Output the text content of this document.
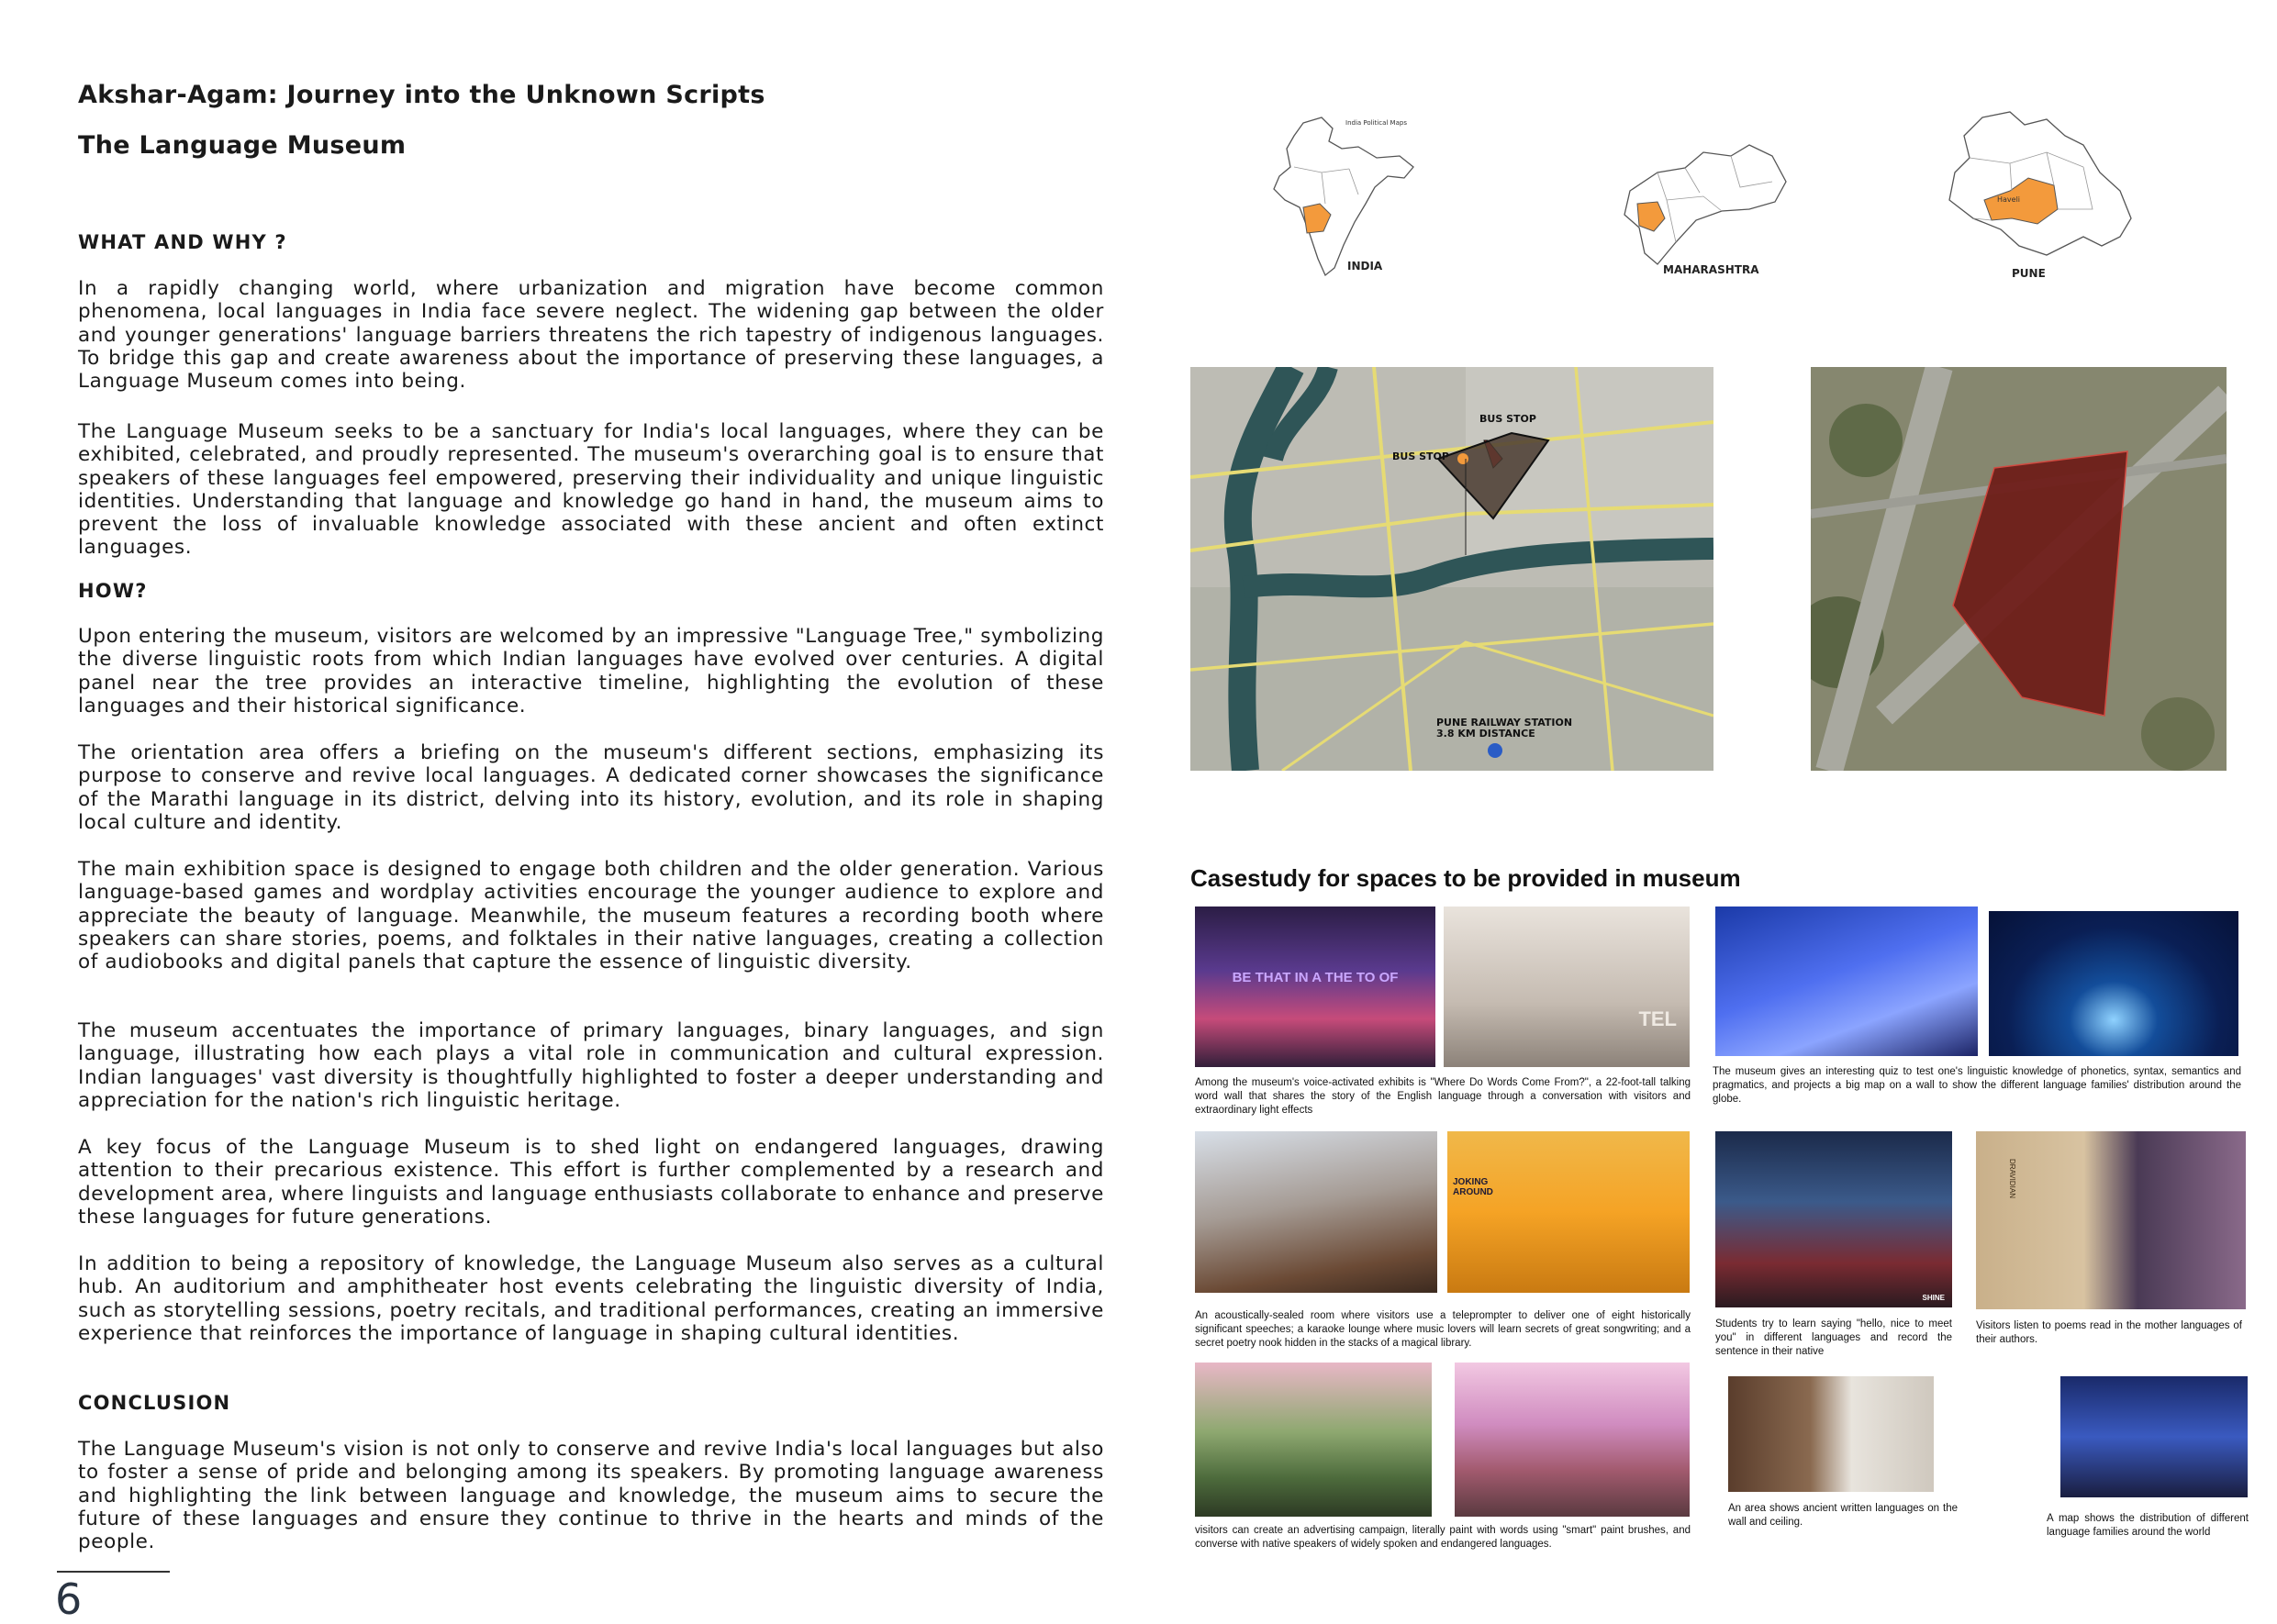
Akshar-Agam: Journey into the Unknown Scripts
The Language Museum
WHAT AND WHY ?

In a rapidly changing world, where urbanization and migration have become common phenomena, local languages in India face severe neglect. The widening gap between the older and younger generations' language barriers threatens the rich tapestry of indigenous languages. To bridge this gap and create awareness about the importance of preserving these languages, a Language Museum comes into being.

The Language Museum seeks to be a sanctuary for India's local languages, where they can be exhibited, celebrated, and proudly represented. The museum's overarching goal is to ensure that speakers of these languages feel empowered, preserving their individuality and unique linguistic identities. Understanding that language and knowledge go hand in hand, the museum aims to prevent the loss of invaluable knowledge associated with these ancient and often extinct languages.

HOW?

Upon entering the museum, visitors are welcomed by an impressive "Language Tree," symbolizing the diverse linguistic roots from which Indian languages have evolved over centuries. A digital panel near the tree provides an interactive timeline, highlighting the evolution of these languages and their historical significance.

The orientation area offers a briefing on the museum's different sections, emphasizing its purpose to conserve and revive local languages. A dedicated corner showcases the significance of the Marathi language in its district, delving into its history, evolution, and its role in shaping local culture and identity.

The main exhibition space is designed to engage both children and the older generation. Various language-based games and wordplay activities encourage the younger audience to explore and appreciate the beauty of language. Meanwhile, the museum features a recording booth where speakers can share stories, poems, and folktales in their native languages, creating a collection of audiobooks and digital panels that capture the essence of linguistic diversity.

The museum accentuates the importance of primary languages, binary languages, and sign language, illustrating how each plays a vital role in communication and cultural expression. Indian languages' vast diversity is thoughtfully highlighted to foster a deeper understanding and appreciation for the nation's rich linguistic heritage.

A key focus of the Language Museum is to shed light on endangered languages, drawing attention to their precarious existence. This effort is further complemented by a research and development area, where linguists and language enthusiasts collaborate to enhance and preserve these languages for future generations.

In addition to being a repository of knowledge, the Language Museum also serves as a cultural hub. An auditorium and amphitheater host events celebrating the linguistic diversity of India, such as storytelling sessions, poetry recitals, and traditional performances, creating an immersive experience that reinforces the importance of language in shaping cultural identities.

CONCLUSION

The Language Museum's vision is not only to conserve and revive India's local languages but also to foster a sense of pride and belonging among its speakers. By promoting language awareness and highlighting the link between language and knowledge, the museum aims to secure the future of these languages and ensure they continue to thrive in the hearts and minds of the people.

6
India Political Maps
INDIA	MAHARASHTRA
Haveli
PUNE
BUS STOP
BUS STOP
PUNE RAILWAY STATION
3.8 KM DISTANCE
Casestudy for spaces to be provided in museum
BE THAT IN A THE TO OF
TEL

Among the museum's voice-activated exhibits is "Where Do Words Come From?", a 22-foot-tall talking word wall that shares the story of the English language through a conversation with visitors and extraordinary light effects

The museum gives an interesting quiz to test one's linguistic knowledge of phonetics, syntax, semantics and pragmatics, and projects a big map on a wall to show the different language families' distribution around the globe.

JOKING AROUND

An acoustically-sealed room where visitors use a teleprompter to deliver one of eight historically significant speeches; a karaoke lounge where music lovers will learn secrets of great songwriting; and a secret poetry nook hidden in the stacks of a magical library.

SHINE

Students try to learn saying "hello, nice to meet you" in different languages and record the sentence in their native

DRAVIDIAN

Visitors listen to poems read in the mother languages of their authors.

visitors can create an advertising campaign, literally paint with words using "smart" paint brushes, and converse with native speakers of widely spoken and endangered languages.

An area shows ancient written languages on the wall and ceiling.	A map shows the distribution of different language families around the world
